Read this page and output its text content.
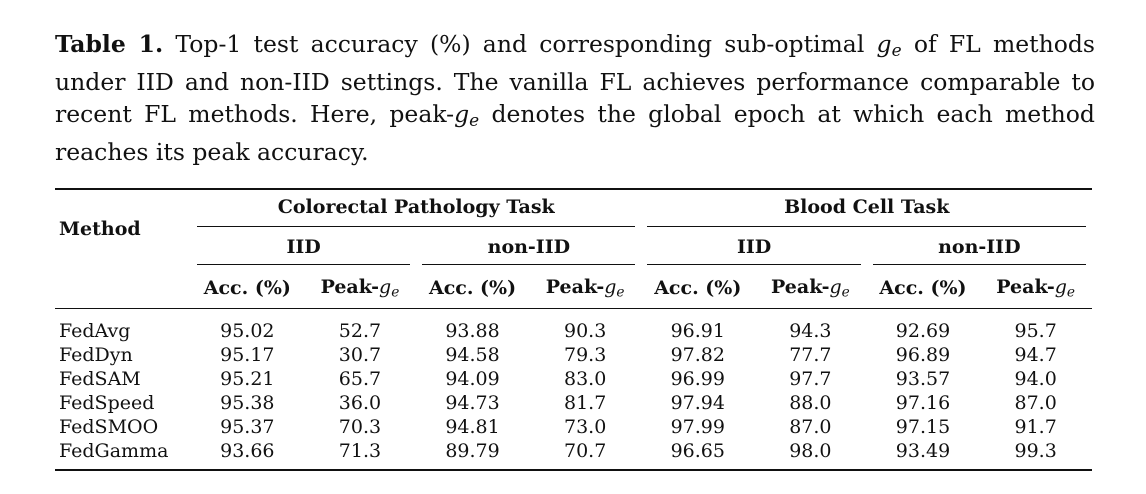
Table 1. Top-1 test accuracy (%) and corresponding sub-optimal $g_e$ of FL methods under IID and non-IID settings. The vanilla FL achieves performance comparable to recent FL methods. Here, peak-$g_e$ denotes the global epoch at which each method reaches its peak accuracy.
Method	Colorectal Pathology Task				Blood Cell Task			

	IID		non-IID		IID		non-IID	

	Acc. (%)	Peak-$g_e$	Acc. (%)	Peak-$g_e$	Acc. (%)	Peak-$g_e$	Acc. (%)	Peak-$g_e$
FedAvg	95.02	52.7	93.88	90.3	96.91	94.3	92.69	95.7
FedDyn	95.17	30.7	94.58	79.3	97.82	77.7	96.89	94.7
FedSAM	95.21	65.7	94.09	83.0	96.99	97.7	93.57	94.0
FedSpeed	95.38	36.0	94.73	81.7	97.94	88.0	97.16	87.0
FedSMOO	95.37	70.3	94.81	73.0	97.99	87.0	97.15	91.7
FedGamma	93.66	71.3	89.79	70.7	96.65	98.0	93.49	99.3
